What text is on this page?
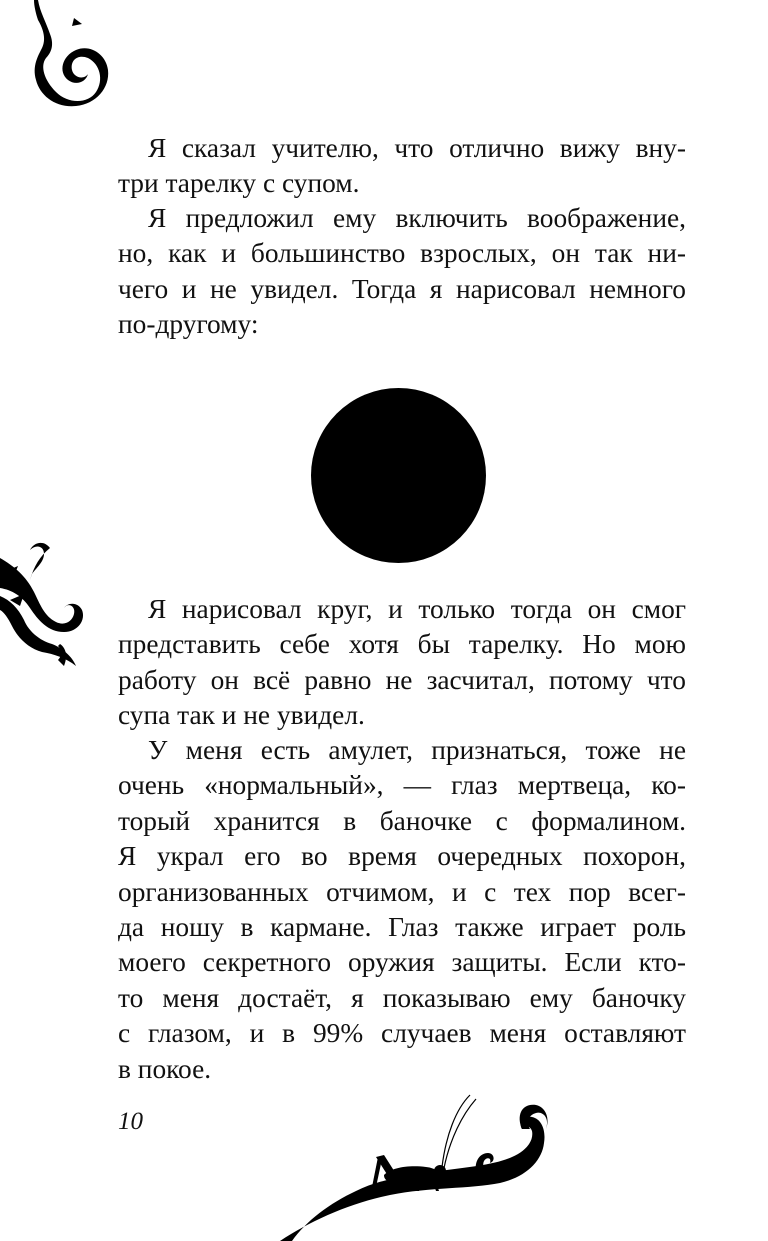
Я сказал учителю, что отлично вижу вну-
три тарелку с супом.

Я предложил ему включить воображение,
но, как и большинство взрослых, он так ни-
чего и не увидел. Тогда я нарисовал немного
по-другому:

Я нарисовал круг, и только тогда он смог
представить себе хотя бы тарелку. Но мою
работу он всё равно не засчитал, потому что
супа так и не увидел.

У меня есть амулет, признаться, тоже не
очень «нормальный», — глаз мертвеца, ко-
торый хранится в баночке с формалином.
Я украл его во время очередных похорон,
организованных отчимом, и с тех пор всег-
да ношу в кармане. Глаз также играет роль
моего секретного оружия защиты. Если кто-
то меня достаёт, я показываю ему баночку
с глазом, и в 99% случаев меня оставляют
в покое.

10
